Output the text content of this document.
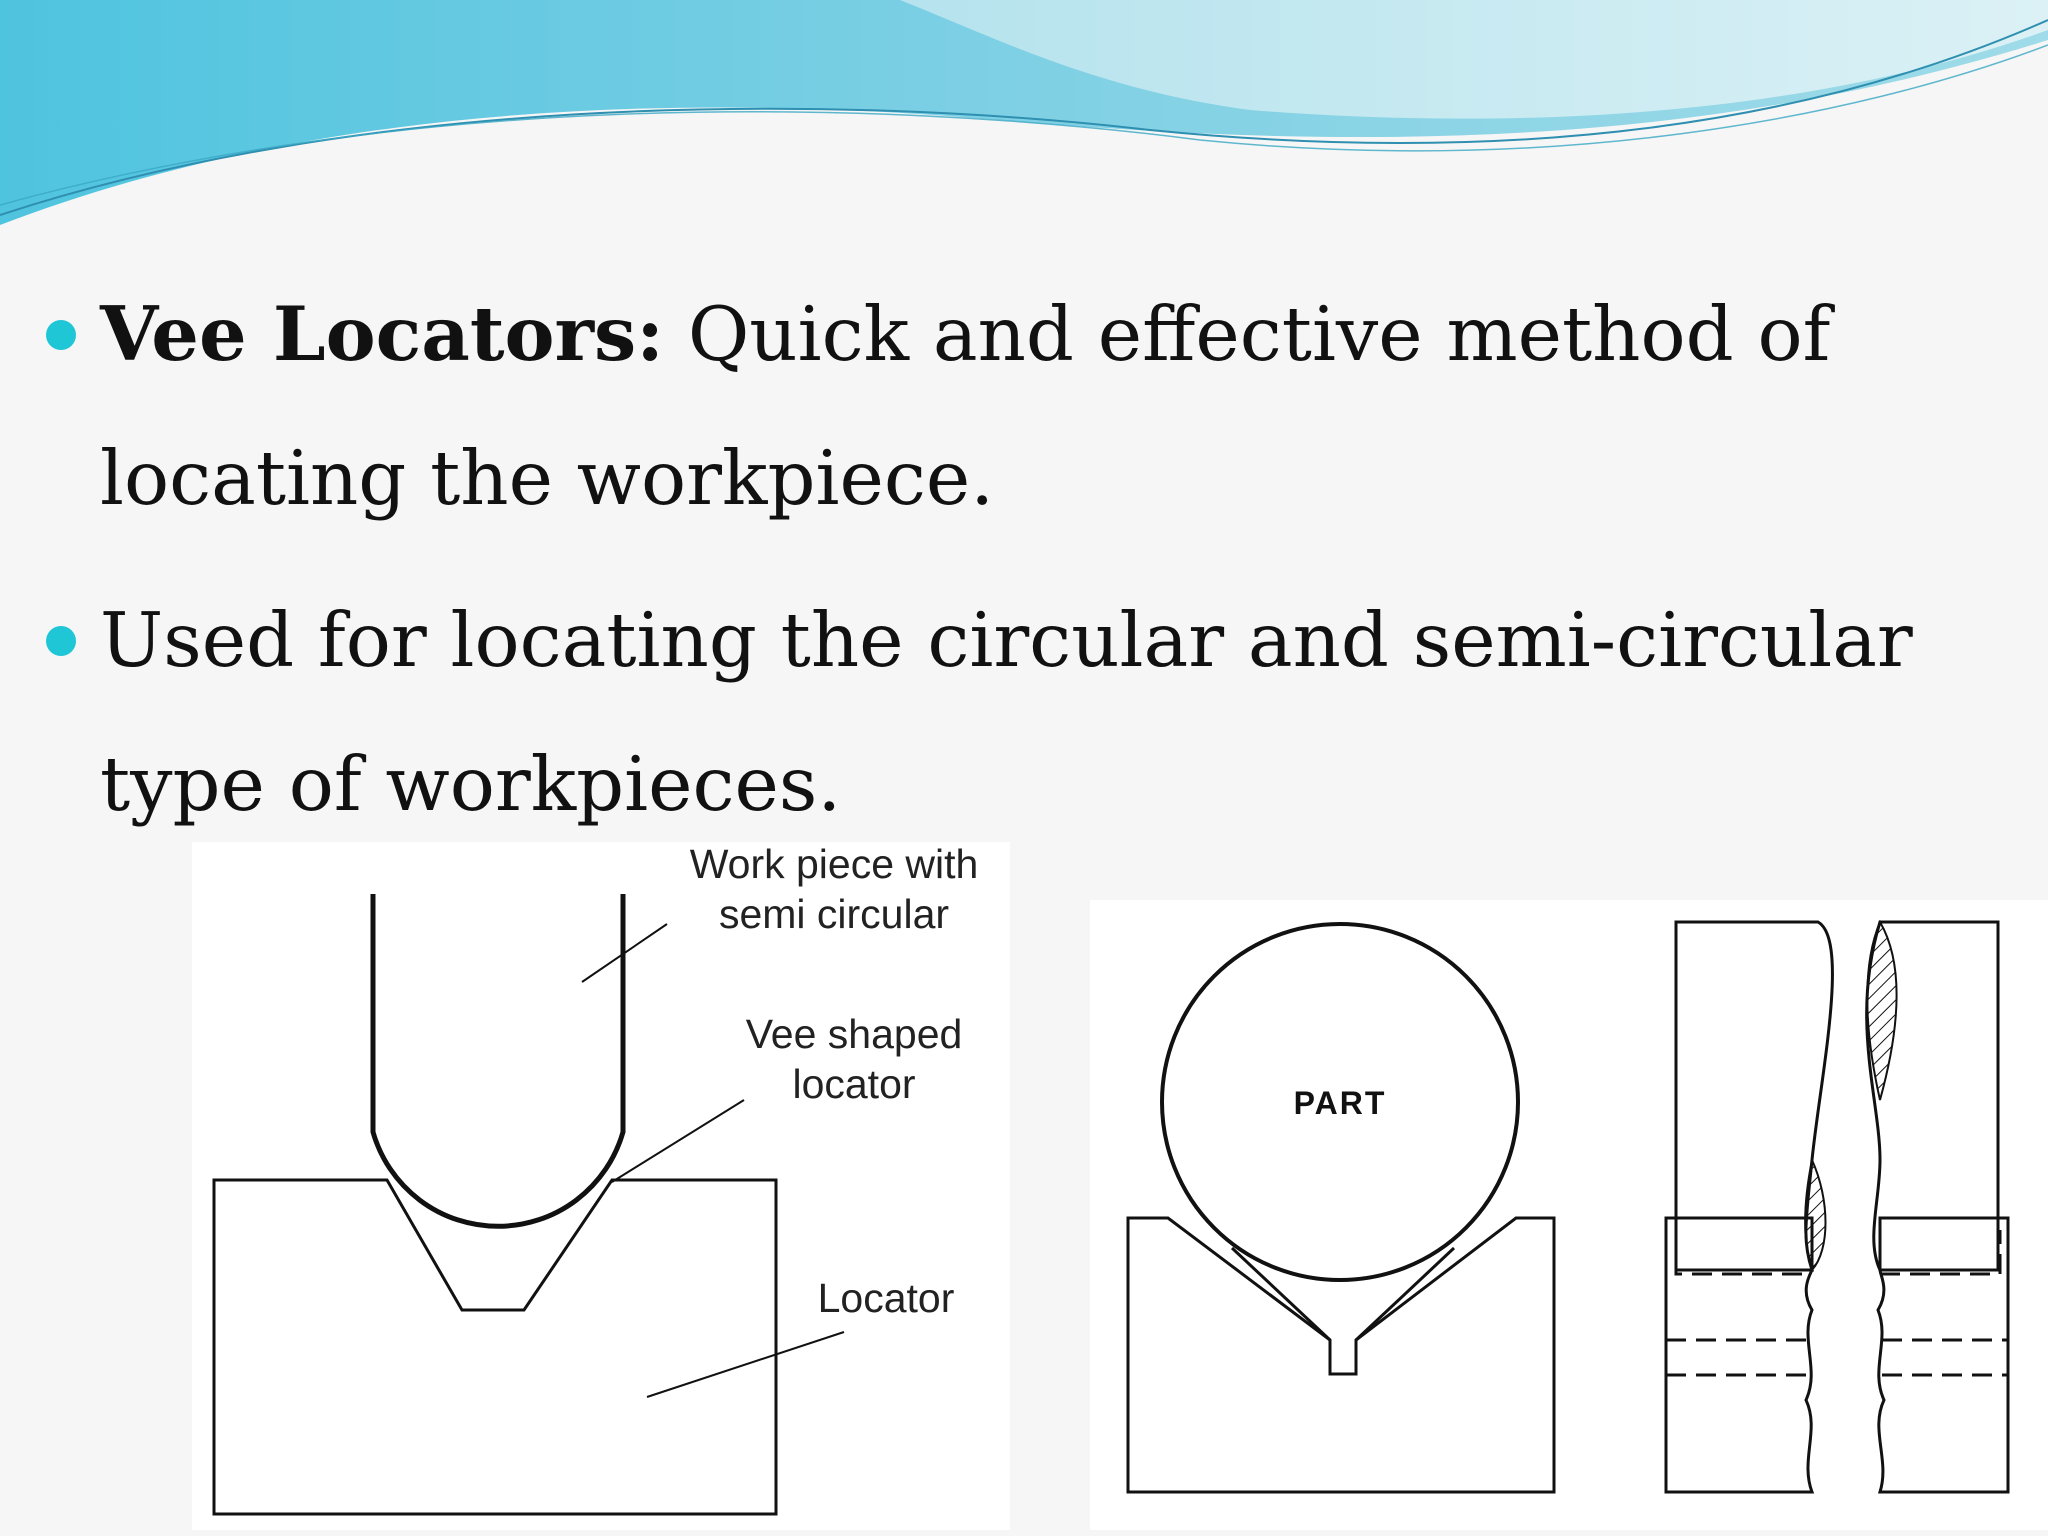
Vee Locators: Quick and effective method of locating the workpiece.
Used for locating the circular and semi-circular type of workpieces.
Work piece with
semi circular
Vee shaped
locator
Locator
PART
